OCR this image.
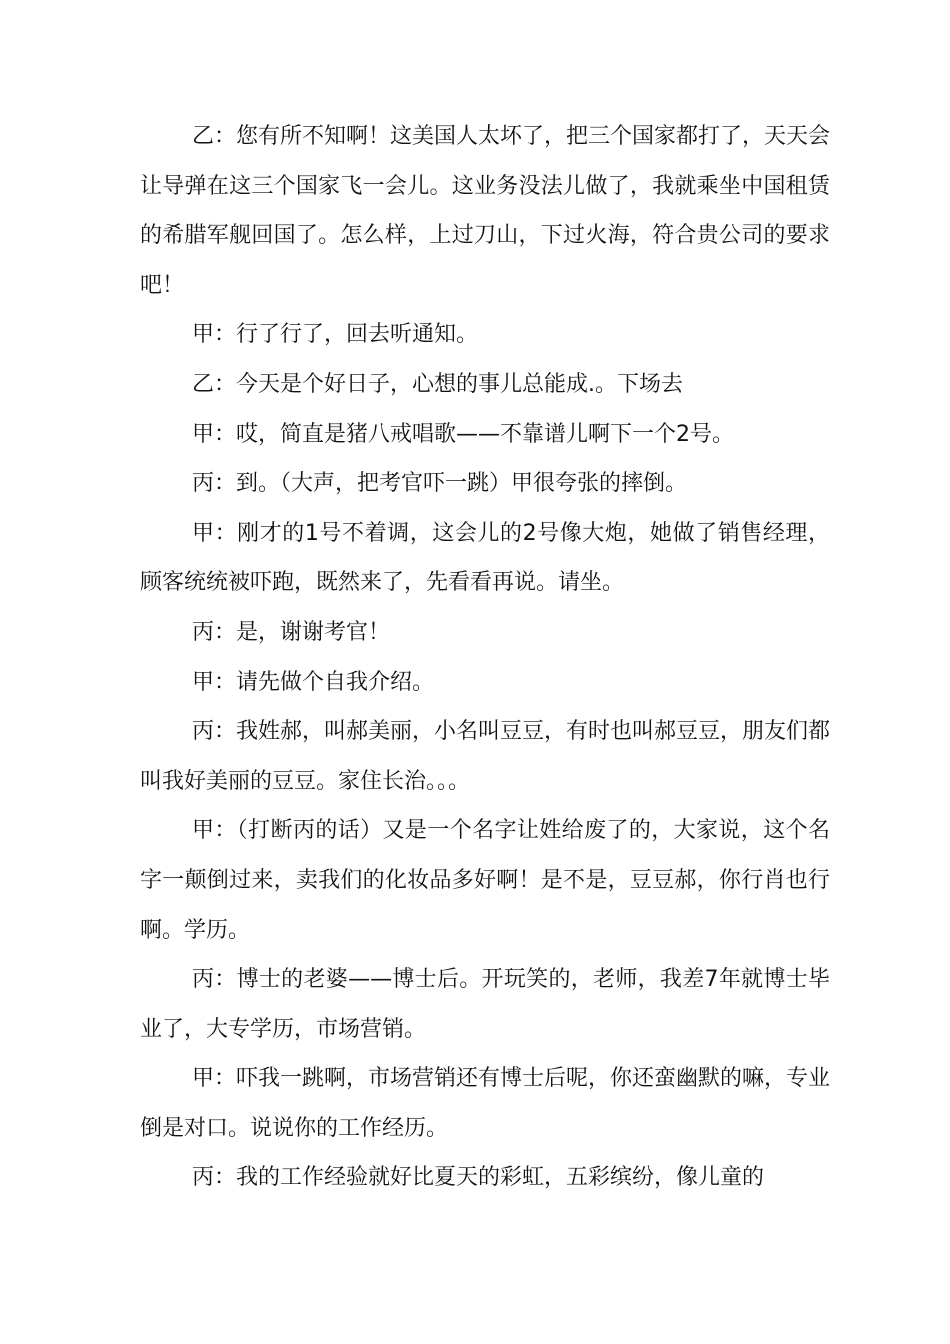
乙：您有所不知啊！这美国人太坏了，把三个国家都打了，天天会让导弹在这三个国家飞一会儿。这业务没法儿做了，我就乘坐中国租赁的希腊军舰回国了。怎么样，上过刀山，下过火海，符合贵公司的要求吧！

甲：行了行了，回去听通知。

乙：今天是个好日子，心想的事儿总能成.。下场去

甲：哎，简直是猪八戒唱歌——不靠谱儿啊下一个2号。

丙：到。（大声，把考官吓一跳）甲很夸张的摔倒。

甲：刚才的1号不着调，这会儿的2号像大炮，她做了销售经理，顾客统统被吓跑，既然来了，先看看再说。请坐。

丙：是，谢谢考官！

甲：请先做个自我介绍。

丙：我姓郝，叫郝美丽，小名叫豆豆，有时也叫郝豆豆，朋友们都叫我好美丽的豆豆。家住长治。。。

甲：（打断丙的话）又是一个名字让姓给废了的，大家说，这个名字一颠倒过来，卖我们的化妆品多好啊！是不是，豆豆郝，你行肖也行啊。学历。

丙：博士的老婆——博士后。开玩笑的，老师，我差7年就博士毕业了，大专学历，市场营销。

甲：吓我一跳啊，市场营销还有博士后呢，你还蛮幽默的嘛，专业倒是对口。说说你的工作经历。

丙：我的工作经验就好比夏天的彩虹，五彩缤纷，像儿童的
